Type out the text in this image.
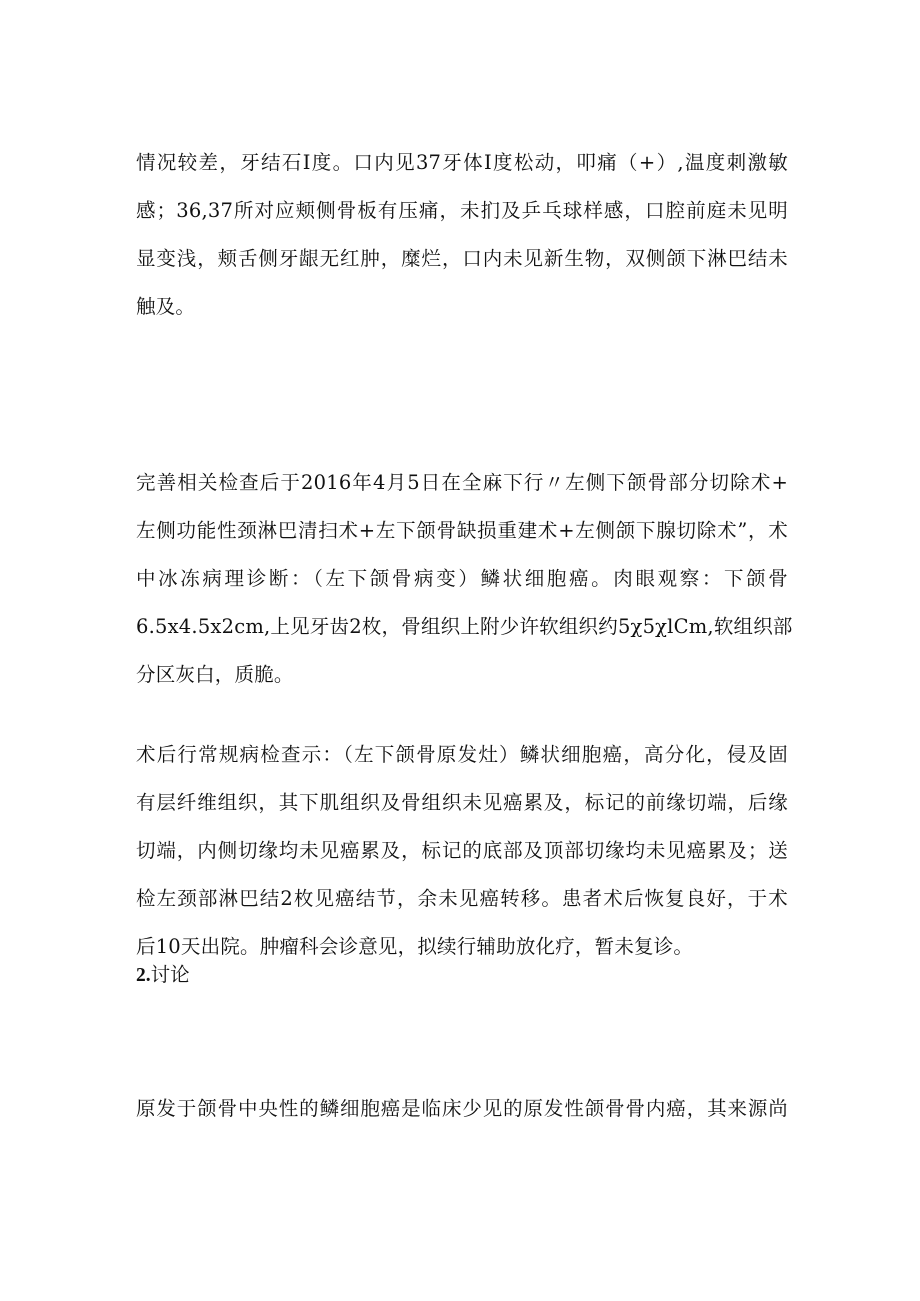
情况较差，牙结石I度。口内见37牙体I度松动，叩痛（+）,温度刺激敏
感；36,37所对应颊侧骨板有压痛，未扪及乒乓球样感，口腔前庭未见明
显变浅，颊舌侧牙龈无红肿，糜烂，口内未见新生物，双侧颌下淋巴结未
触及。
完善相关检查后于2016年4月5日在全麻下行〃左侧下颌骨部分切除术+
左侧功能性颈淋巴清扫术+左下颌骨缺损重建术+左侧颌下腺切除术”，术
中冰冻病理诊断：（左下颌骨病变）鳞状细胞癌。肉眼观察：下颌骨
6.5x4.5x2cm,上见牙齿2枚，骨组织上附少许软组织约5χ5χlCm,软组织部
分区灰白，质脆。
术后行常规病检查示：（左下颌骨原发灶）鳞状细胞癌，高分化，侵及固
有层纤维组织，其下肌组织及骨组织未见癌累及，标记的前缘切端，后缘
切端，内侧切缘均未见癌累及，标记的底部及顶部切缘均未见癌累及；送
检左颈部淋巴结2枚见癌结节，余未见癌转移。患者术后恢复良好，于术
后10天出院。肿瘤科会诊意见，拟续行辅助放化疗，暂未复诊。
2.讨论
原发于颌骨中央性的鳞细胞癌是临床少见的原发性颌骨骨内癌，其来源尚
